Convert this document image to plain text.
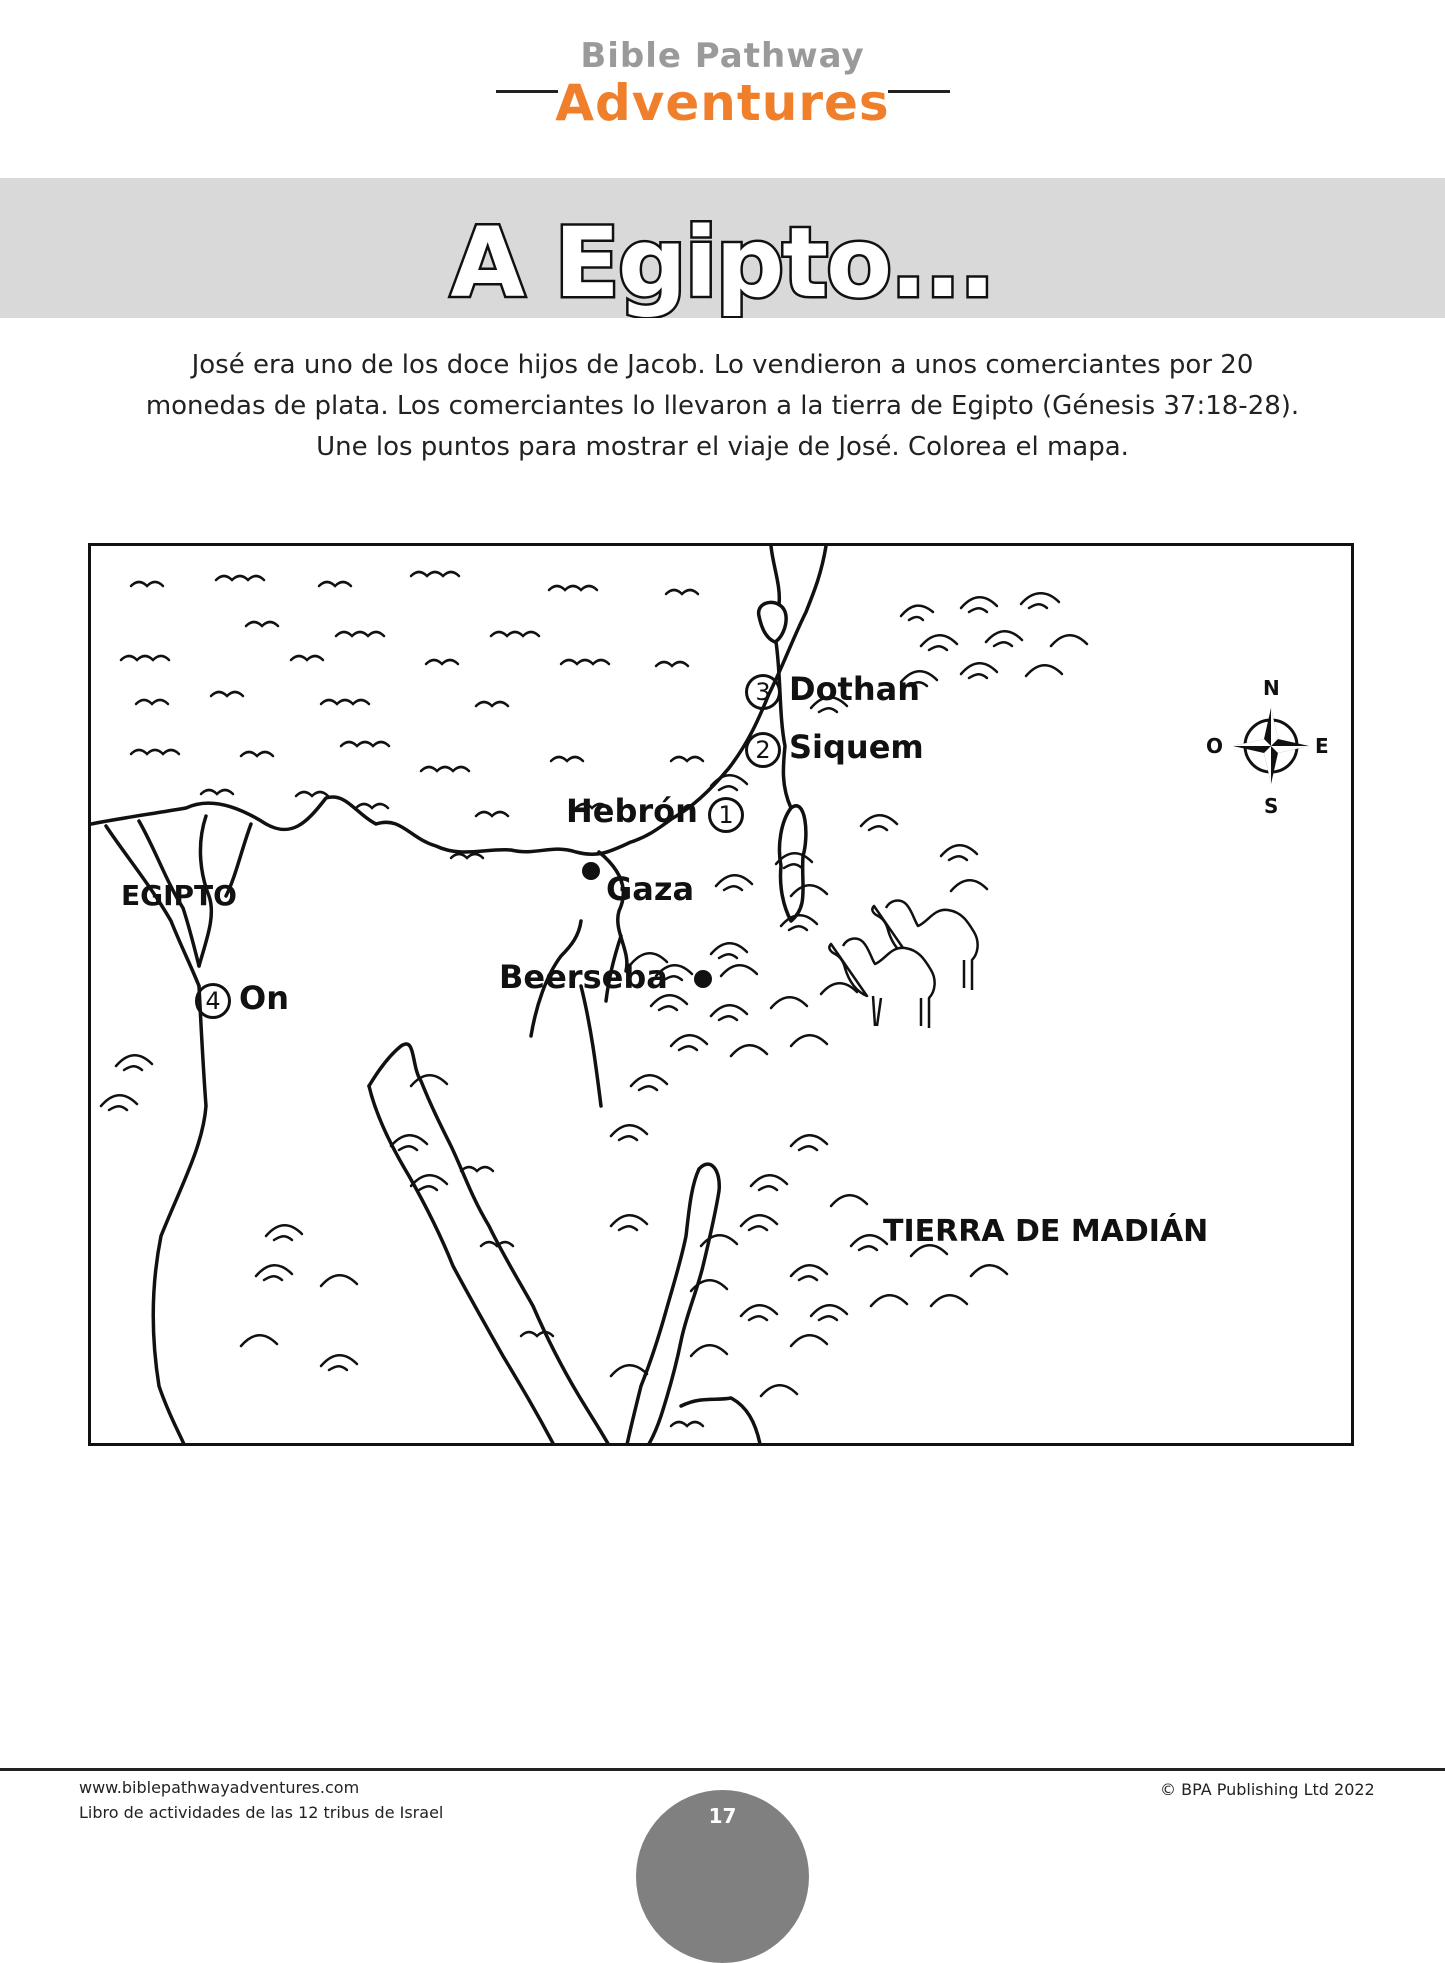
Bible Pathway
Adventures
A Egipto...
José era uno de los doce hijos de Jacob. Lo vendieron a unos comerciantes por 20
monedas de plata. Los comerciantes lo llevaron a la tierra de Egipto (Génesis 37:18-28).
Une los puntos para mostrar el viaje de José. Colorea el mapa.
3 Dothan
2 Siquem
Hebrón 1
Gaza
Beerseba
EGIPTO
4 On
TIERRA DE MADIÁN
N
S
E
O
www.biblepathwayadventures.com
Libro de actividades de las 12 tribus de Israel
© BPA Publishing Ltd 2022
17
